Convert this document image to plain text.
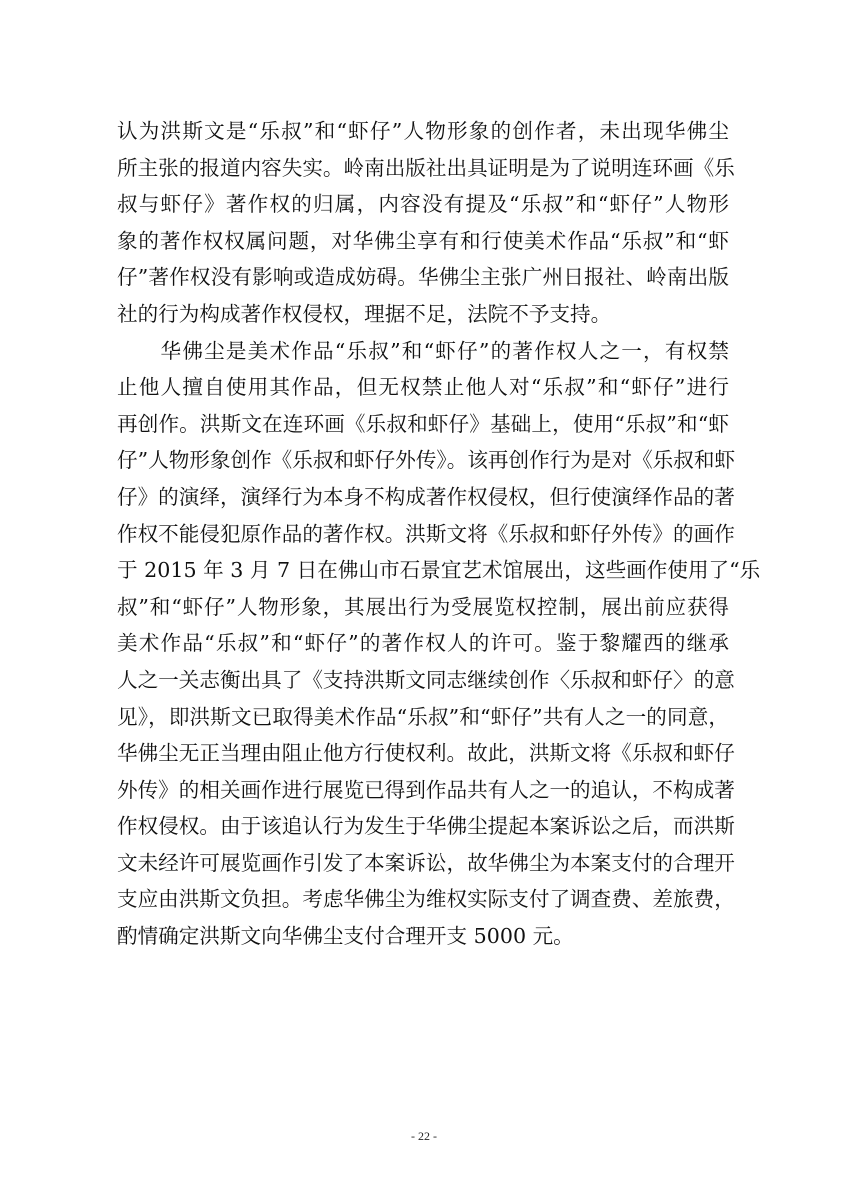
认为洪斯文是“乐叔”和“虾仔”人物形象的创作者，未出现华佛尘
所主张的报道内容失实。岭南出版社出具证明是为了说明连环画《乐
叔与虾仔》著作权的归属，内容没有提及“乐叔”和“虾仔”人物形
象的著作权权属问题，对华佛尘享有和行使美术作品“乐叔”和“虾
仔”著作权没有影响或造成妨碍。华佛尘主张广州日报社、岭南出版
社的行为构成著作权侵权，理据不足，法院不予支持。
　　华佛尘是美术作品“乐叔”和“虾仔”的著作权人之一，有权禁
止他人擅自使用其作品，但无权禁止他人对“乐叔”和“虾仔”进行
再创作。洪斯文在连环画《乐叔和虾仔》基础上，使用“乐叔”和“虾
仔”人物形象创作《乐叔和虾仔外传》。该再创作行为是对《乐叔和虾
仔》的演绎，演绎行为本身不构成著作权侵权，但行使演绎作品的著
作权不能侵犯原作品的著作权。洪斯文将《乐叔和虾仔外传》的画作
于 2015 年 3 月 7 日在佛山市石景宜艺术馆展出，这些画作使用了“乐
叔”和“虾仔”人物形象，其展出行为受展览权控制，展出前应获得
美术作品“乐叔”和“虾仔”的著作权人的许可。鉴于黎耀西的继承
人之一关志衡出具了《支持洪斯文同志继续创作〈乐叔和虾仔〉的意
见》，即洪斯文已取得美术作品“乐叔”和“虾仔”共有人之一的同意，
华佛尘无正当理由阻止他方行使权利。故此，洪斯文将《乐叔和虾仔
外传》的相关画作进行展览已得到作品共有人之一的追认，不构成著
作权侵权。由于该追认行为发生于华佛尘提起本案诉讼之后，而洪斯
文未经许可展览画作引发了本案诉讼，故华佛尘为本案支付的合理开
支应由洪斯文负担。考虑华佛尘为维权实际支付了调查费、差旅费，
酌情确定洪斯文向华佛尘支付合理开支 5000 元。
- 22 -
